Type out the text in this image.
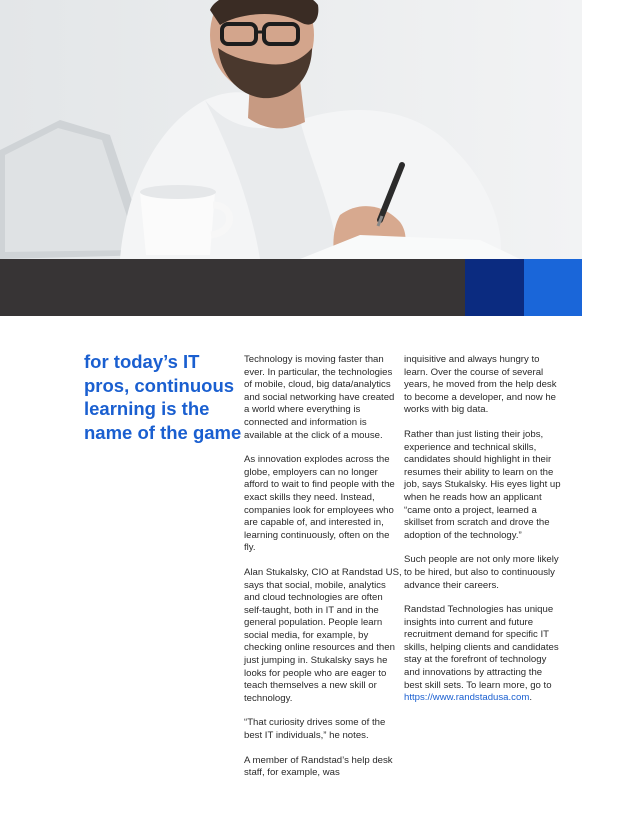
for today’s IT pros, continuous learning is the name of the game

Technology is moving faster than ever. In particular, the technologies of mobile, cloud, big data/analytics and social networking have created a world where everything is connected and information is available at the click of a mouse.

As innovation explodes across the globe, employers can no longer afford to wait to find people with the exact skills they need. Instead, companies look for employees who are capable of, and interested in, learning continuously, often on the fly.

Alan Stukalsky, CIO at Randstad US, says that social, mobile, analytics and cloud technologies are often self-taught, both in IT and in the general population. People learn social media, for example, by checking online resources and then just jumping in. Stukalsky says he looks for people who are eager to teach themselves a new skill or technology.

“That curiosity drives some of the best IT individuals,” he notes.

A member of Randstad’s help desk staff, for example, was

inquisitive and always hungry to learn. Over the course of several years, he moved from the help desk to become a developer, and now he works with big data.

Rather than just listing their jobs, experience and technical skills, candidates should highlight in their resumes their ability to learn on the job, says Stukalsky. His eyes light up when he reads how an applicant “came onto a project, learned a skillset from scratch and drove the adoption of the technology.”

Such people are not only more likely to be hired, but also to continuously advance their careers.

Randstad Technologies has unique insights into current and future recruitment demand for specific IT skills, helping clients and candidates stay at the forefront of technology and innovations by attracting the best skill sets. To learn more, go to https://www.randstadusa.com.
